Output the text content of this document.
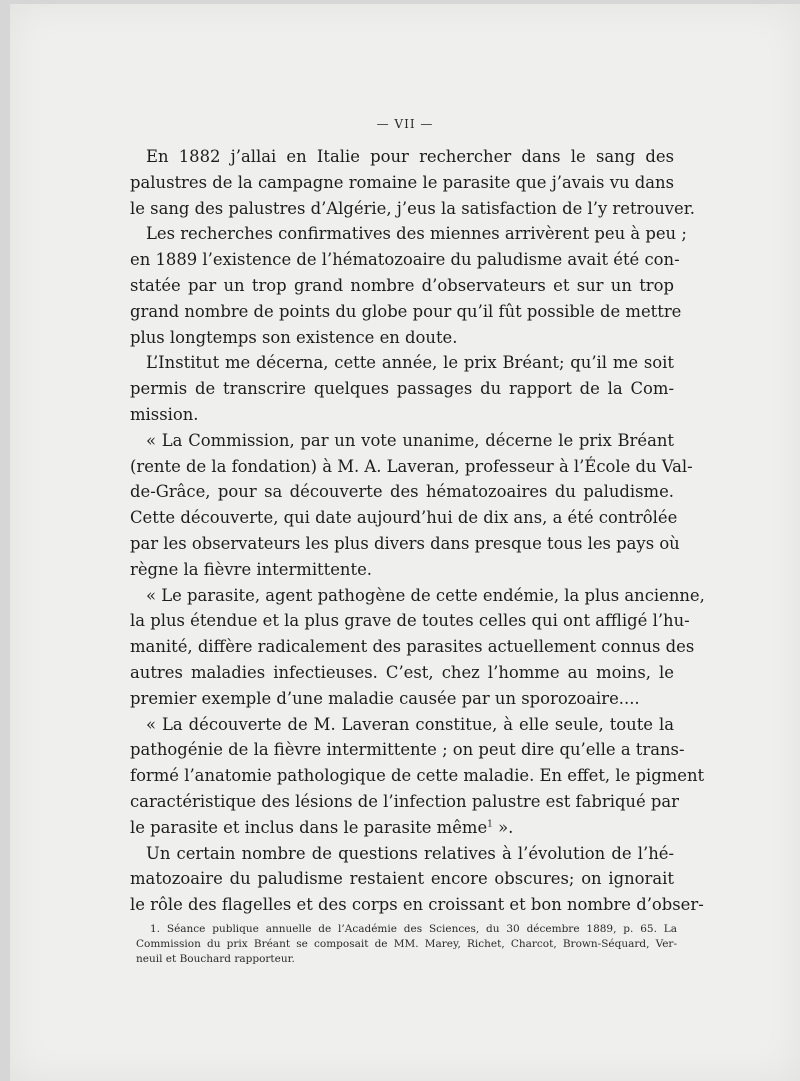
— VII —

En 1882 j’allai en Italie pour rechercher dans le sang des
palustres de la campagne romaine le parasite que j’avais vu dans
le sang des palustres d’Algérie, j’eus la satisfaction de l’y retrouver.

Les recherches confirmatives des miennes arrivèrent peu à peu ;
en 1889 l’existence de l’hématozoaire du paludisme avait été con-
statée par un trop grand nombre d’observateurs et sur un trop
grand nombre de points du globe pour qu’il fût possible de mettre
plus longtemps son existence en doute.

L’Institut me décerna, cette année, le prix Bréant; qu’il me soit
permis de transcrire quelques passages du rapport de la Com-
mission.

« La Commission, par un vote unanime, décerne le prix Bréant
(rente de la fondation) à M. A. Laveran, professeur à l’École du Val-
de-Grâce, pour sa découverte des hématozoaires du paludisme.
Cette découverte, qui date aujourd’hui de dix ans, a été contrôlée
par les observateurs les plus divers dans presque tous les pays où
règne la fièvre intermittente.

« Le parasite, agent pathogène de cette endémie, la plus ancienne,
la plus étendue et la plus grave de toutes celles qui ont affligé l’hu-
manité, diffère radicalement des parasites actuellement connus des
autres maladies infectieuses. C’est, chez l’homme au moins, le
premier exemple d’une maladie causée par un sporozoaire....

« La découverte de M. Laveran constitue, à elle seule, toute la
pathogénie de la fièvre intermittente ; on peut dire qu’elle a trans-
formé l’anatomie pathologique de cette maladie. En effet, le pigment
caractéristique des lésions de l’infection palustre est fabriqué par
le parasite et inclus dans le parasite même$^1$ ».

Un certain nombre de questions relatives à l’évolution de l’hé-
matozoaire du paludisme restaient encore obscures; on ignorait
le rôle des flagelles et des corps en croissant et bon nombre d’obser-

1. Séance publique annuelle de l’Académie des Sciences, du 30 décembre 1889, p. 65. La
Commission du prix Bréant se composait de MM. Marey, Richet, Charcot, Brown-Séquard, Ver-
neuil et Bouchard rapporteur.
